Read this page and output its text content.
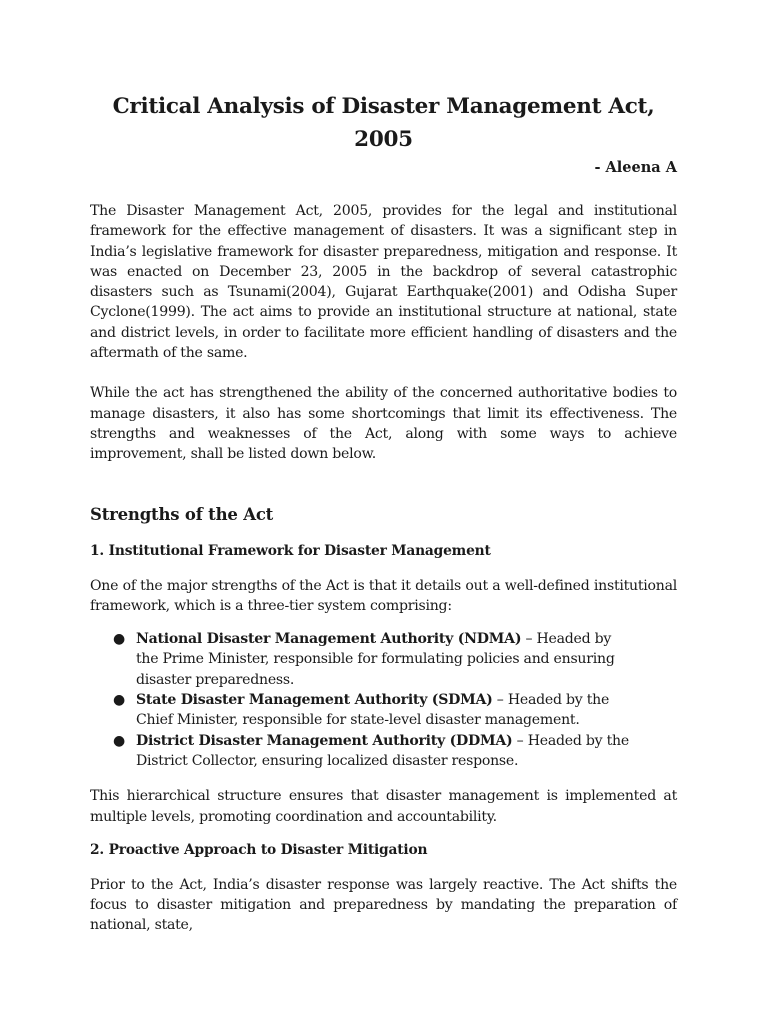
Critical Analysis of Disaster Management Act, 2005
- Aleena A

The Disaster Management Act, 2005, provides for the legal and institutional framework for the effective management of disasters. It was a significant step in India’s legislative framework for disaster preparedness, mitigation and response. It was enacted on December 23, 2005 in the backdrop of several catastrophic disasters such as Tsunami(2004), Gujarat Earthquake(2001) and Odisha Super Cyclone(1999). The act aims to provide an institutional structure at national, state and district levels, in order to facilitate more efficient handling of disasters and the aftermath of the same.

While the act has strengthened the ability of the concerned authoritative bodies to manage disasters, it also has some shortcomings that limit its effectiveness. The strengths and weaknesses of the Act, along with some ways to achieve improvement, shall be listed down below.

Strengths of the Act
1. Institutional Framework for Disaster Management

One of the major strengths of the Act is that it details out a well-defined institutional framework, which is a three-tier system comprising:

● National Disaster Management Authority (NDMA) – Headed by the Prime Minister, responsible for formulating policies and ensuring disaster preparedness.
● State Disaster Management Authority (SDMA) – Headed by the Chief Minister, responsible for state-level disaster management.
● District Disaster Management Authority (DDMA) – Headed by the District Collector, ensuring localized disaster response.

This hierarchical structure ensures that disaster management is implemented at multiple levels, promoting coordination and accountability.

2. Proactive Approach to Disaster Mitigation

Prior to the Act, India’s disaster response was largely reactive. The Act shifts the focus to disaster mitigation and preparedness by mandating the preparation of national, state,
